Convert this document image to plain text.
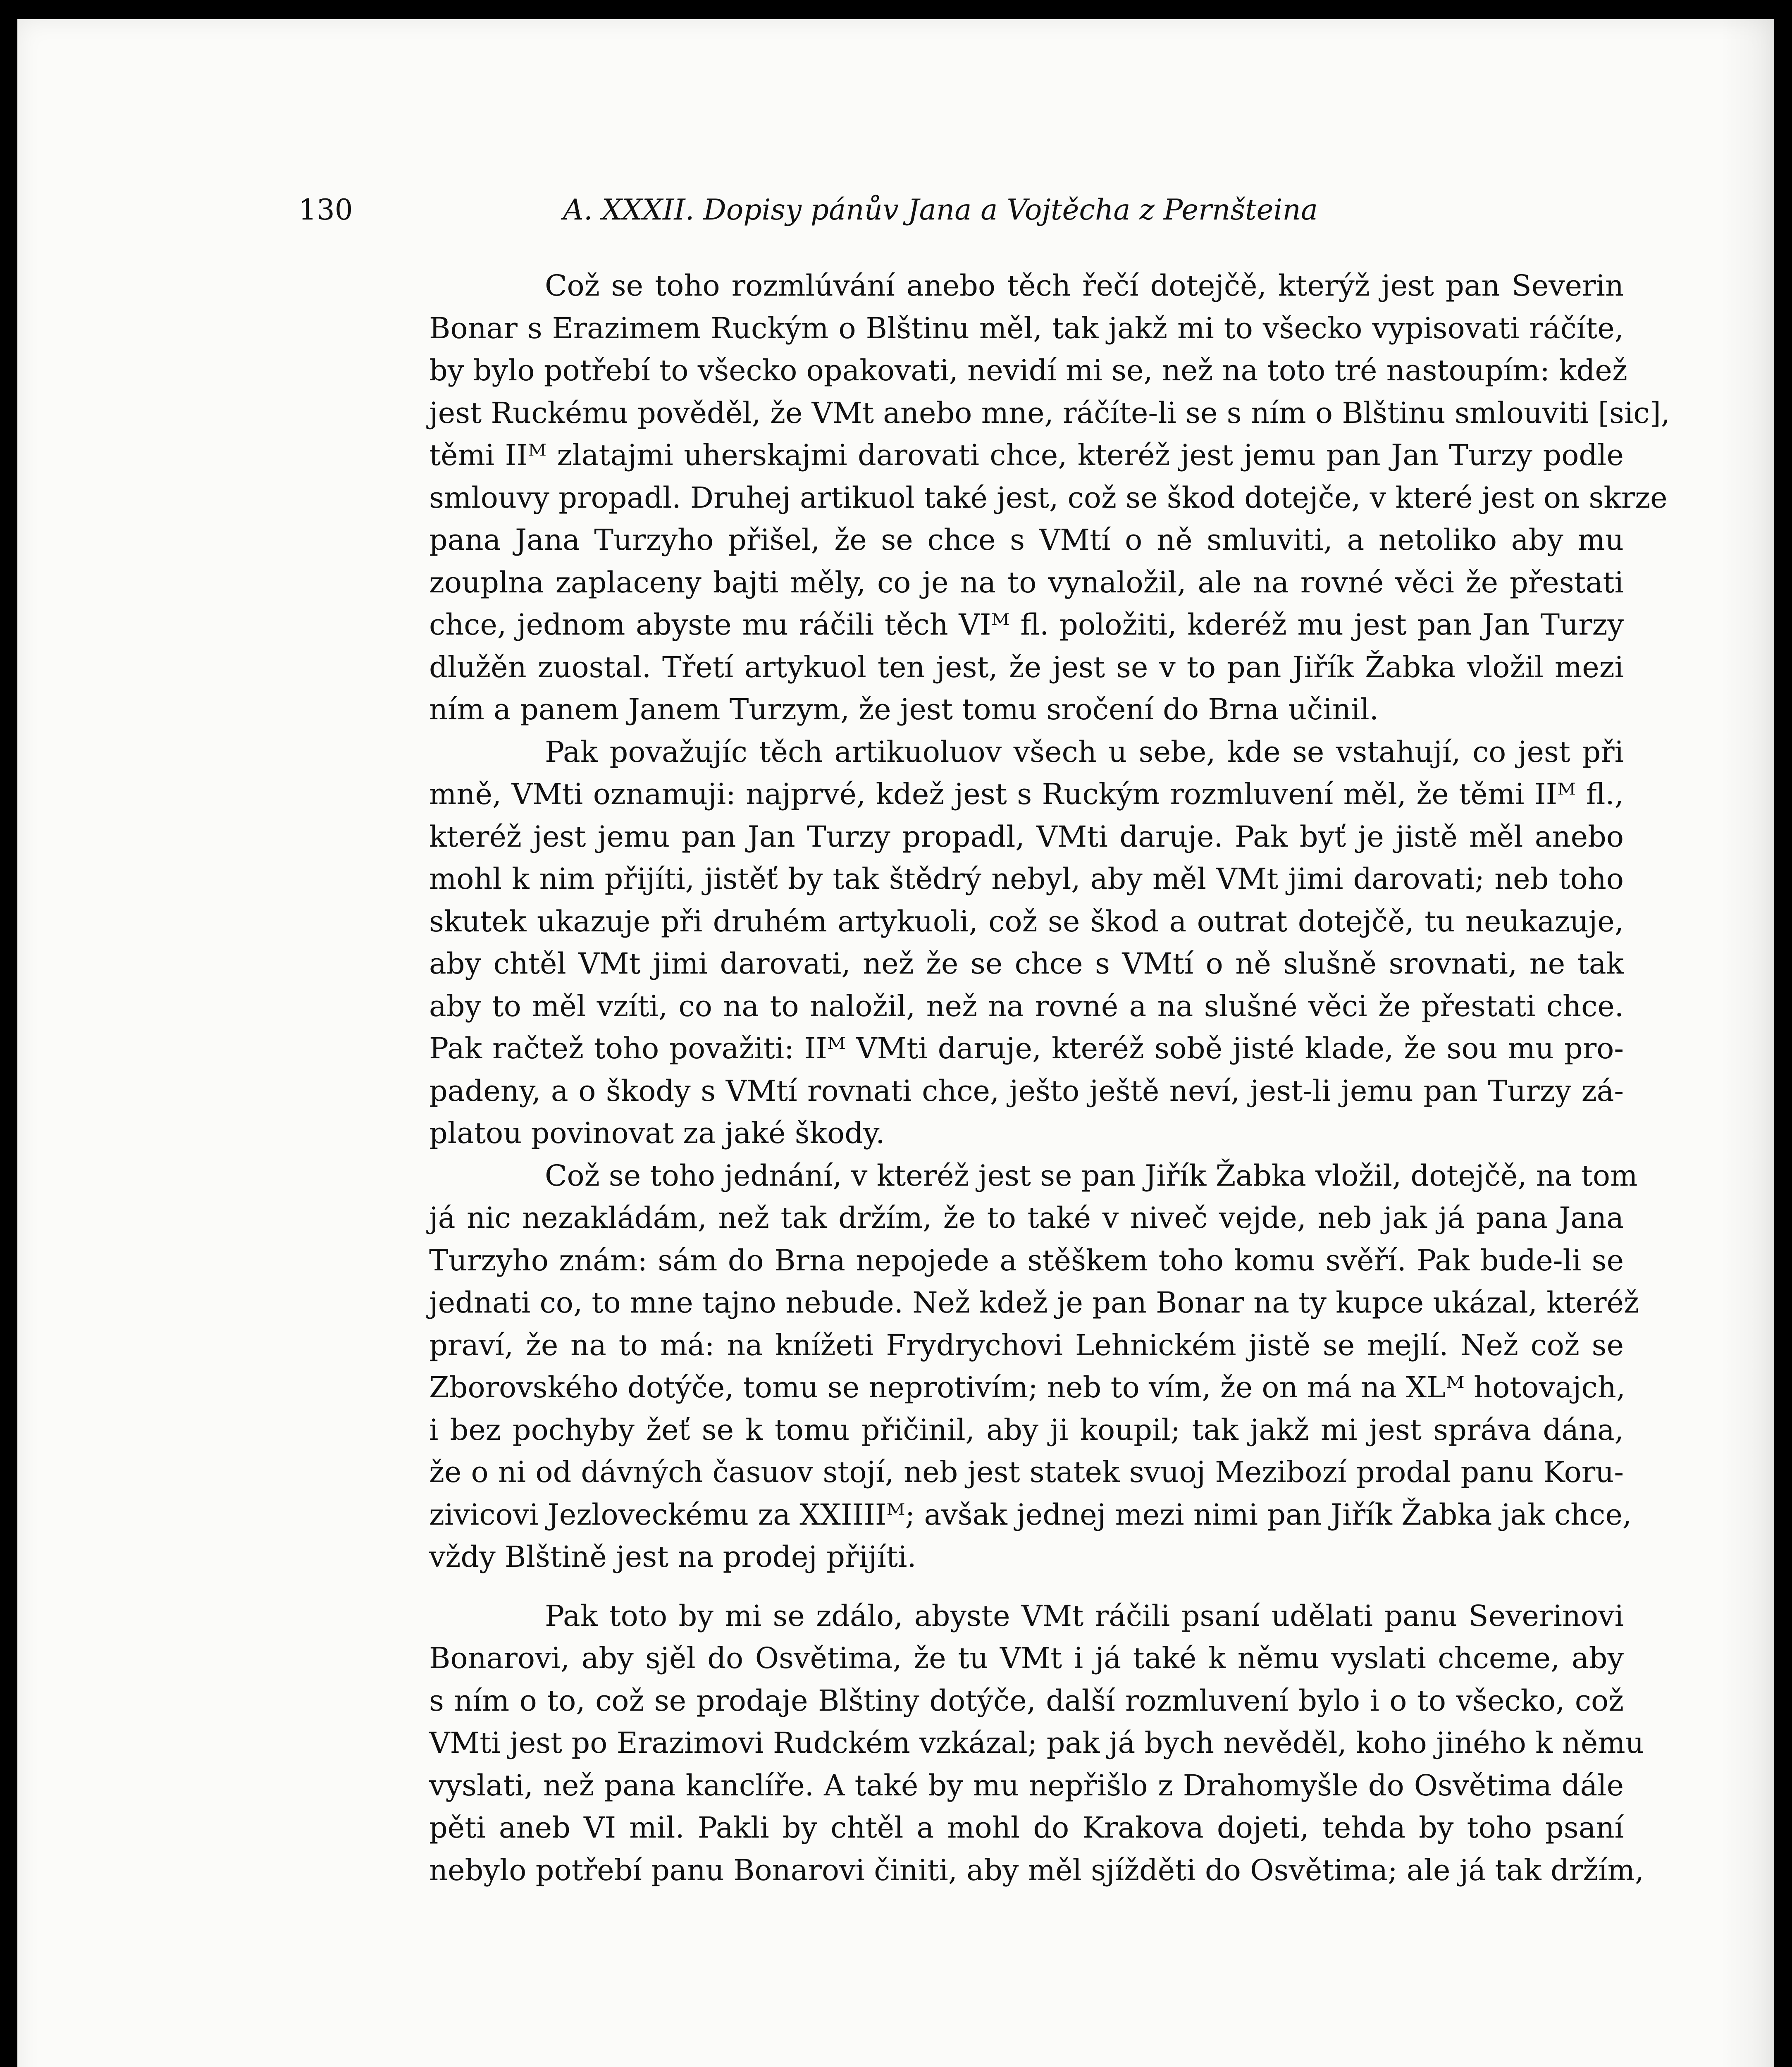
130	A. XXXII. Dopisy pánův Jana a Vojtěcha z Pernšteina
Což se toho rozmlúvání anebo těch řečí dotejčě, kterýž jest pan Severin
Bonar s Erazimem Ruckým o Blštinu měl, tak jakž mi to všecko vypisovati ráčíte,
by bylo potřebí to všecko opakovati, nevidí mi se, než na toto tré nastoupím: kdež
jest Ruckému pověděl, že VMt anebo mne, ráčíte-li se s ním o Blštinu smlouviti [sic],
těmi IIᴹ zlatajmi uherskajmi darovati chce, kteréž jest jemu pan Jan Turzy podle
smlouvy propadl. Druhej artikuol také jest, což se škod dotejče, v které jest on skrze
pana Jana Turzyho přišel, že se chce s VMtí o ně smluviti, a netoliko aby mu
zouplna zaplaceny bajti měly, co je na to vynaložil, ale na rovné věci že přestati
chce, jednom abyste mu ráčili těch VIᴹ fl. položiti, kderéž mu jest pan Jan Turzy
dlužěn zuostal. Třetí artykuol ten jest, že jest se v to pan Jiřík Žabka vložil mezi
ním a panem Janem Turzym, že jest tomu sročení do Brna učinil.
Pak považujíc těch artikuoluov všech u sebe, kde se vstahují, co jest při
mně, VMti oznamuji: najprvé, kdež jest s Ruckým rozmluvení měl, že těmi IIᴹ fl.,
kteréž jest jemu pan Jan Turzy propadl, VMti daruje. Pak byť je jistě měl anebo
mohl k nim přijíti, jistěť by tak štědrý nebyl, aby měl VMt jimi darovati; neb toho
skutek ukazuje při druhém artykuoli, což se škod a outrat dotejčě, tu neukazuje,
aby chtěl VMt jimi darovati, než že se chce s VMtí o ně slušně srovnati, ne tak
aby to měl vzíti, co na to naložil, než na rovné a na slušné věci že přestati chce.
Pak račtež toho považiti: IIᴹ VMti daruje, kteréž sobě jisté klade, že sou mu pro-
padeny, a o škody s VMtí rovnati chce, ješto ještě neví, jest-li jemu pan Turzy zá-
platou povinovat za jaké škody.
Což se toho jednání, v kteréž jest se pan Jiřík Žabka vložil, dotejčě, na tom
já nic nezakládám, než tak držím, že to také v niveč vejde, neb jak já pana Jana
Turzyho znám: sám do Brna nepojede a stěškem toho komu svěří. Pak bude-li se
jednati co, to mne tajno nebude. Než kdež je pan Bonar na ty kupce ukázal, kteréž
praví, že na to má: na knížeti Frydrychovi Lehnickém jistě se mejlí. Než což se
Zborovského dotýče, tomu se neprotivím; neb to vím, že on má na XLᴹ hotovajch,
i bez pochyby žeť se k tomu přičinil, aby ji koupil; tak jakž mi jest správa dána,
že o ni od dávných časuov stojí, neb jest statek svuoj Mezibozí prodal panu Koru-
zivicovi Jezloveckému za XXIIIIᴹ; avšak jednej mezi nimi pan Jiřík Žabka jak chce,
vždy Blštině jest na prodej přijíti.
Pak toto by mi se zdálo, abyste VMt ráčili psaní udělati panu Severinovi
Bonarovi, aby sjěl do Osvětima, že tu VMt i já také k němu vyslati chceme, aby
s ním o to, což se prodaje Blštiny dotýče, další rozmluvení bylo i o to všecko, což
VMti jest po Erazimovi Rudckém vzkázal; pak já bych nevěděl, koho jiného k němu
vyslati, než pana kanclíře. A také by mu nepřišlo z Drahomyšle do Osvětima dále
pěti aneb VI mil. Pakli by chtěl a mohl do Krakova dojeti, tehda by toho psaní
nebylo potřebí panu Bonarovi činiti, aby měl sjížděti do Osvětima; ale já tak držím,
